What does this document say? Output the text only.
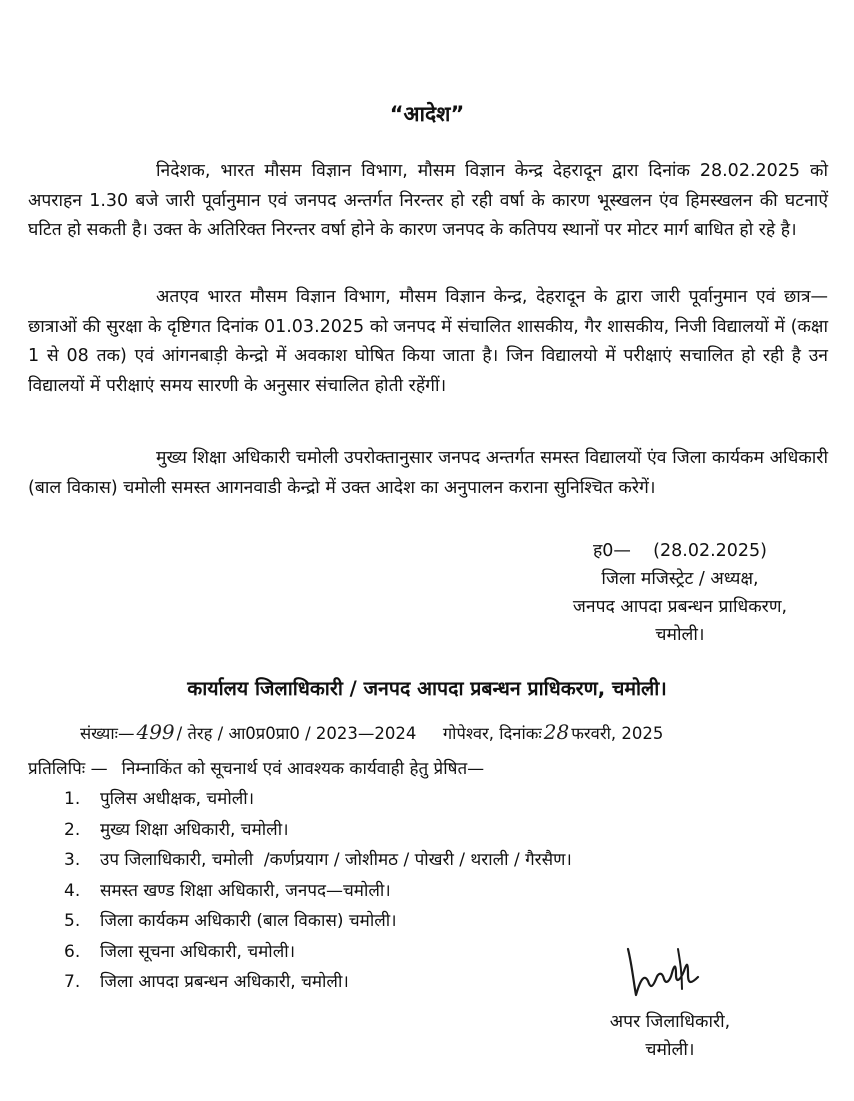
“आदेश”

निदेशक, भारत मौसम विज्ञान विभाग, मौसम विज्ञान केन्द्र देहरादून द्वारा दिनांक 28.02.2025 को अपराहन 1.30 बजे जारी पूर्वानुमान एवं जनपद अन्तर्गत निरन्तर हो रही वर्षा के कारण भूस्खलन एंव हिमस्खलन की घटनाऐं घटित हो सकती है। उक्त के अतिरिक्त निरन्तर वर्षा होने के कारण जनपद के कतिपय स्थानों पर मोटर मार्ग बाधित हो रहे है।

अतएव भारत मौसम विज्ञान विभाग, मौसम विज्ञान केन्द्र, देहरादून के द्वारा जारी पूर्वानुमान एवं छात्र—छात्राओं की सुरक्षा के दृष्टिगत दिनांक 01.03.2025 को जनपद में संचालित शासकीय, गैर शासकीय, निजी विद्यालयों में (कक्षा 1 से 08 तक) एवं आंगनबाड़ी केन्द्रो में अवकाश घोषित किया जाता है। जिन विद्यालयो में परीक्षाएं सचालित हो रही है उन विद्यालयों में परीक्षाएं समय सारणी के अनुसार संचालित होती रहेंगीं।

मुख्य शिक्षा अधिकारी चमोली उपरोक्तानुसार जनपद अन्तर्गत समस्त विद्यालयों एंव जिला कार्यकम अधिकारी (बाल विकास) चमोली समस्त आगनवाडी केन्द्रो में उक्त आदेश का अनुपालन कराना सुनिश्चित करेगें।

ह0—    (28.02.2025)
जिला मजिस्ट्रेट / अध्यक्ष,
जनपद आपदा प्रबन्धन प्राधिकरण,
चमोली।
कार्यालय जिलाधिकारी / जनपद आपदा प्रबन्धन प्राधिकरण, चमोली।
संख्याः— 499 / तेरह / आ0प्र0प्रा0 / 2023—2024 गोपेश्वर, दिनांकः 28 फरवरी, 2025
प्रतिलिपिः — निम्नाकिंत को सूचनार्थ एवं आवश्यक कार्यवाही हेतु प्रेषित—
1. पुलिस अधीक्षक, चमोली।
2. मुख्य शिक्षा अधिकारी, चमोली।
3. उप जिलाधिकारी, चमोली  /कर्णप्रयाग / जोशीमठ / पोखरी / थराली / गैरसैण।
4. समस्त खण्ड शिक्षा अधिकारी, जनपद—चमोली।
5. जिला कार्यकम अधिकारी (बाल विकास) चमोली।
6. जिला सूचना अधिकारी, चमोली।
7. जिला आपदा प्रबन्धन अधिकारी, चमोली।
अपर जिलाधिकारी,
चमोली।
